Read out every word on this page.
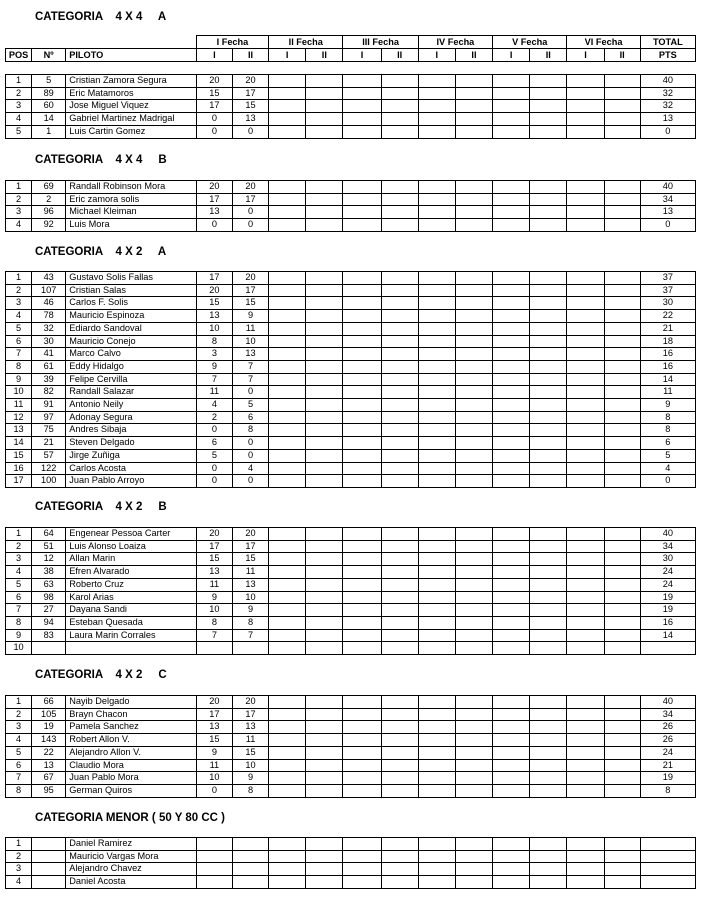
			I Fecha		II Fecha		III Fecha		IV Fecha		V Fecha		VI Fecha		TOTAL
POS	Nº	PILOTO	I	II	I	II	I	II	I	II	I	II	I	II	PTS
CATEGORIA    4 X 4     A
1	5	Cristian Zamora Segura	20	20											40
2	89	Eric Matamoros	15	17											32
3	60	Jose Miguel Viquez	17	15											32
4	14	Gabriel Martinez Madrigal	0	13											13
5	1	Luis Cartin Gomez	0	0											0
CATEGORIA    4 X 4     B
1	69	Randall Robinson Mora	20	20											40
2	2	Eric zamora solis	17	17											34
3	96	Michael Kleiman	13	0											13
4	92	Luis Mora	0	0											0
CATEGORIA    4 X 2     A
1	43	Gustavo Solis Fallas	17	20											37
2	107	Cristian Salas	20	17											37
3	46	Carlos F. Solis	15	15											30
4	78	Mauricio Espinoza	13	9											22
5	32	Ediardo Sandoval	10	11											21
6	30	Mauricio Conejo	8	10											18
7	41	Marco Calvo	3	13											16
8	61	Eddy Hidalgo	9	7											16
9	39	Felipe Cervilla	7	7											14
10	82	Randall Salazar	11	0											11
11	91	Antonio Neily	4	5											9
12	97	Adonay Segura	2	6											8
13	75	Andres Sibaja	0	8											8
14	21	Steven Delgado	6	0											6
15	57	Jirge Zuñiga	5	0											5
16	122	Carlos Acosta	0	4											4
17	100	Juan Pablo Arroyo	0	0											0
CATEGORIA    4 X 2     B
1	64	Engenear Pessoa Carter	20	20											40
2	51	Luis Alonso Loaiza	17	17											34
3	12	Allan Marin	15	15											30
4	38	Efren Alvarado	13	11											24
5	63	Roberto Cruz	11	13											24
6	98	Karol Arias	9	10											19
7	27	Dayana Sandi	10	9											19
8	94	Esteban Quesada	8	8											16
9	83	Laura Marin Corrales	7	7											14
10															
CATEGORIA    4 X 2     C
1	66	Nayib Delgado	20	20											40
2	105	Brayn Chacon	17	17											34
3	19	Pamela Sanchez	13	13											26
4	143	Robert Allon V.	15	11											26
5	22	Alejandro Allon V.	9	15											24
6	13	Claudio Mora	11	10											21
7	67	Juan Pablo Mora	10	9											19
8	95	German Quiros	0	8											8
CATEGORIA MENOR ( 50 Y 80 CC )
1		Daniel Ramirez													
2		Mauricio Vargas Mora													
3		Alejandro Chavez													
4		Daniel Acosta													
